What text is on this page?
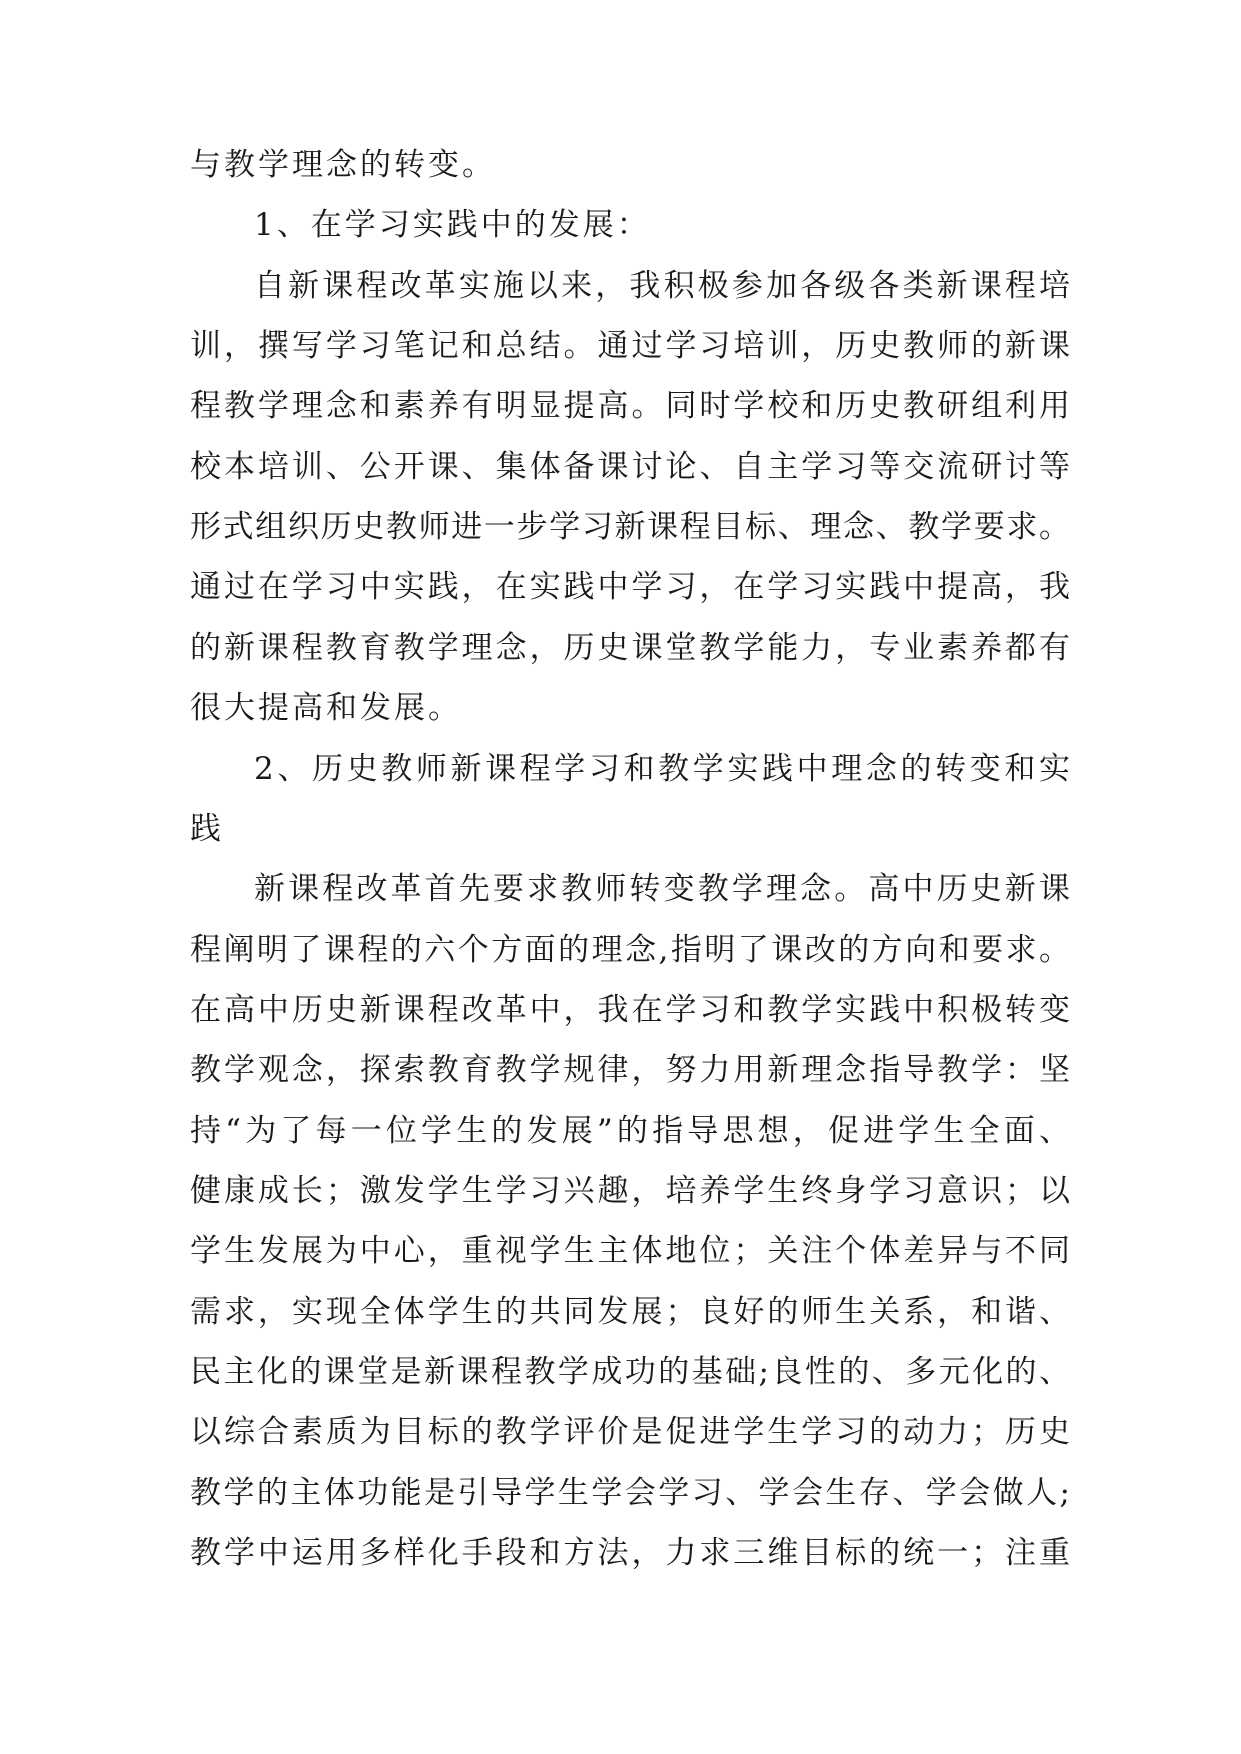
与教学理念的转变。
1、在学习实践中的发展：
自新课程改革实施以来，我积极参加各级各类新课程培
训，撰写学习笔记和总结。通过学习培训，历史教师的新课
程教学理念和素养有明显提高。同时学校和历史教研组利用
校本培训、公开课、集体备课讨论、自主学习等交流研讨等
形式组织历史教师进一步学习新课程目标、理念、教学要求。
通过在学习中实践，在实践中学习，在学习实践中提高，我
的新课程教育教学理念，历史课堂教学能力，专业素养都有
很大提高和发展。
2、历史教师新课程学习和教学实践中理念的转变和实
践
新课程改革首先要求教师转变教学理念。高中历史新课
程阐明了课程的六个方面的理念,指明了课改的方向和要求。
在高中历史新课程改革中，我在学习和教学实践中积极转变
教学观念，探索教育教学规律，努力用新理念指导教学：坚
持“为了每一位学生的发展”的指导思想，促进学生全面、
健康成长；激发学生学习兴趣，培养学生终身学习意识；以
学生发展为中心，重视学生主体地位；关注个体差异与不同
需求，实现全体学生的共同发展；良好的师生关系，和谐、
民主化的课堂是新课程教学成功的基础;良性的、多元化的、
以综合素质为目标的教学评价是促进学生学习的动力；历史
教学的主体功能是引导学生学会学习、学会生存、学会做人;
教学中运用多样化手段和方法，力求三维目标的统一；注重
